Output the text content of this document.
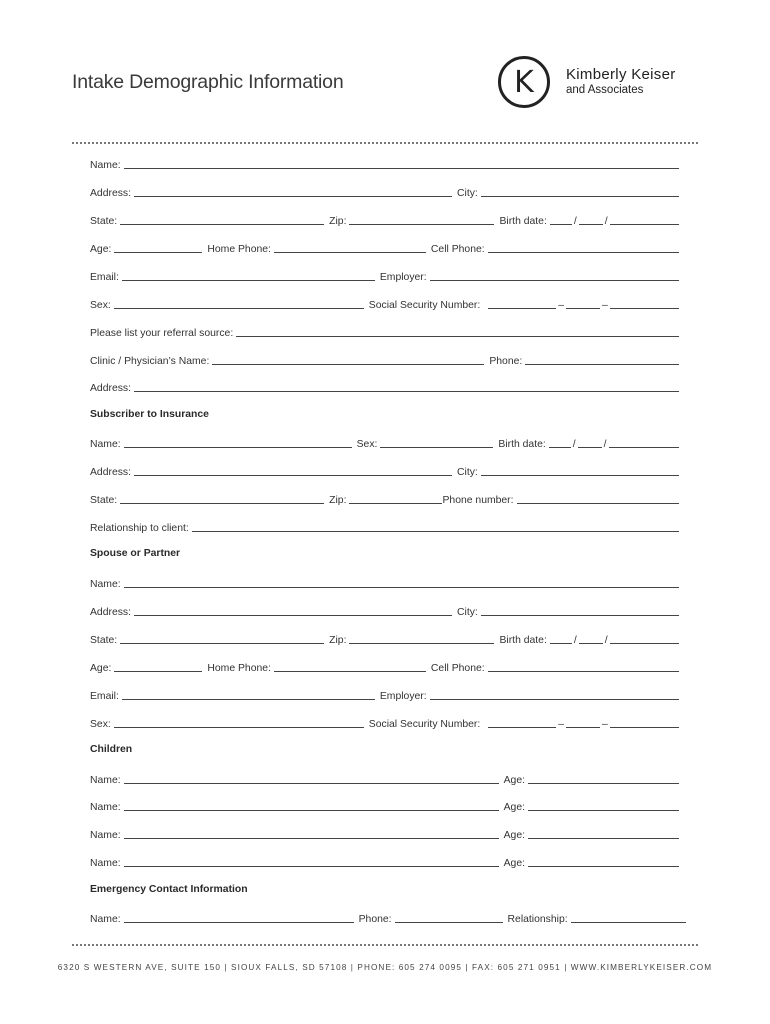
Intake Demographic Information	K	Kimberly Keiser
and Associates
Name:
Address:	City:
State:	Zip:	Birth date:	/	/
Age:	Home Phone:	Cell Phone:
Email:	Employer:
Sex:	Social Security Number:	–	–
Please list your referral source:
Clinic / Physician’s Name:	Phone:
Address:
Subscriber to Insurance
Name:	Sex:	Birth date:	/	/
Address:	City:
State:	Zip:	Phone number:
Relationship to client:
Spouse or Partner
Name:
Address:	City:
State:	Zip:	Birth date:	/	/
Age:	Home Phone:	Cell Phone:
Email:	Employer:
Sex:	Social Security Number:	–	–
Children
Name:	Age:
Name:	Age:
Name:	Age:
Name:	Age:
Emergency Contact Information
Name:	Phone:	Relationship:
6320 S WESTERN AVE, SUITE 150 | SIOUX FALLS, SD 57108 | PHONE: 605 274 0095 | FAX: 605 271 0951 | WWW.KIMBERLYKEISER.COM
